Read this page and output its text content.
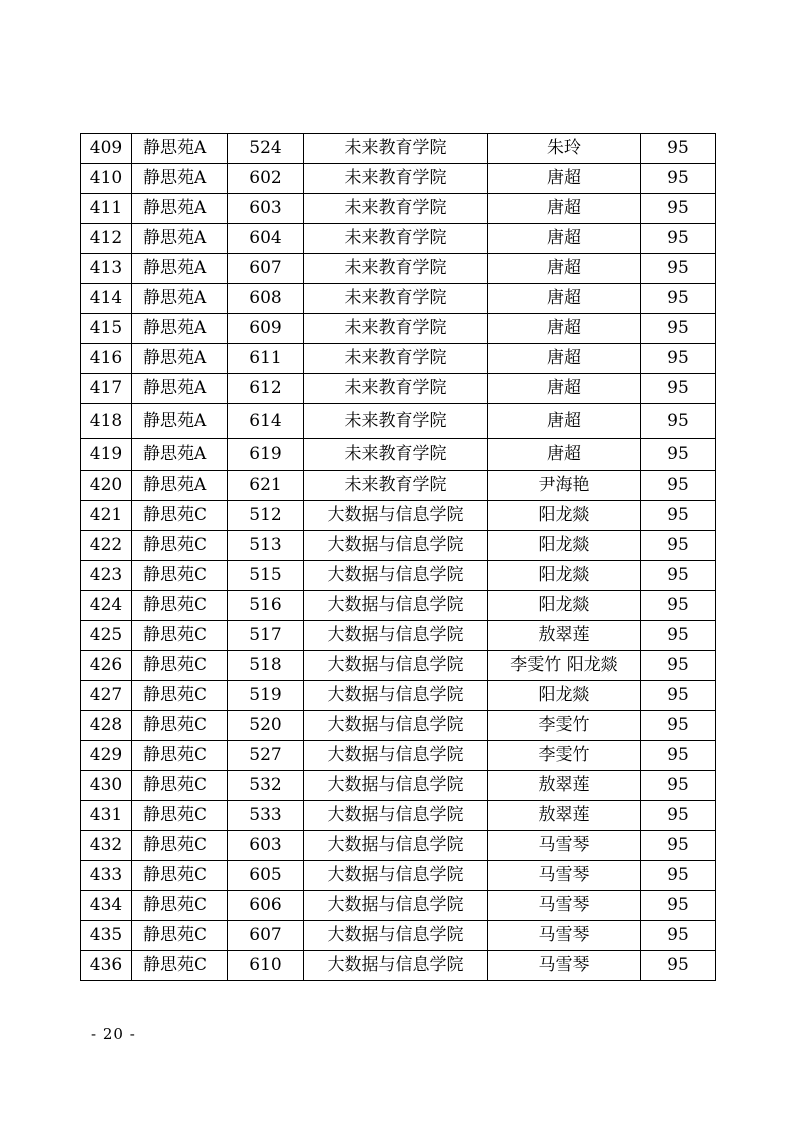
409	静思苑A	524	未来教育学院	朱玲	95
410	静思苑A	602	未来教育学院	唐超	95
411	静思苑A	603	未来教育学院	唐超	95
412	静思苑A	604	未来教育学院	唐超	95
413	静思苑A	607	未来教育学院	唐超	95
414	静思苑A	608	未来教育学院	唐超	95
415	静思苑A	609	未来教育学院	唐超	95
416	静思苑A	611	未来教育学院	唐超	95
417	静思苑A	612	未来教育学院	唐超	95
418	静思苑A	614	未来教育学院	唐超	95
419	静思苑A	619	未来教育学院	唐超	95
420	静思苑A	621	未来教育学院	尹海艳	95
421	静思苑C	512	大数据与信息学院	阳龙燚	95
422	静思苑C	513	大数据与信息学院	阳龙燚	95
423	静思苑C	515	大数据与信息学院	阳龙燚	95
424	静思苑C	516	大数据与信息学院	阳龙燚	95
425	静思苑C	517	大数据与信息学院	敖翠莲	95
426	静思苑C	518	大数据与信息学院	李雯竹 阳龙燚	95
427	静思苑C	519	大数据与信息学院	阳龙燚	95
428	静思苑C	520	大数据与信息学院	李雯竹	95
429	静思苑C	527	大数据与信息学院	李雯竹	95
430	静思苑C	532	大数据与信息学院	敖翠莲	95
431	静思苑C	533	大数据与信息学院	敖翠莲	95
432	静思苑C	603	大数据与信息学院	马雪琴	95
433	静思苑C	605	大数据与信息学院	马雪琴	95
434	静思苑C	606	大数据与信息学院	马雪琴	95
435	静思苑C	607	大数据与信息学院	马雪琴	95
436	静思苑C	610	大数据与信息学院	马雪琴	95
- 20 -
